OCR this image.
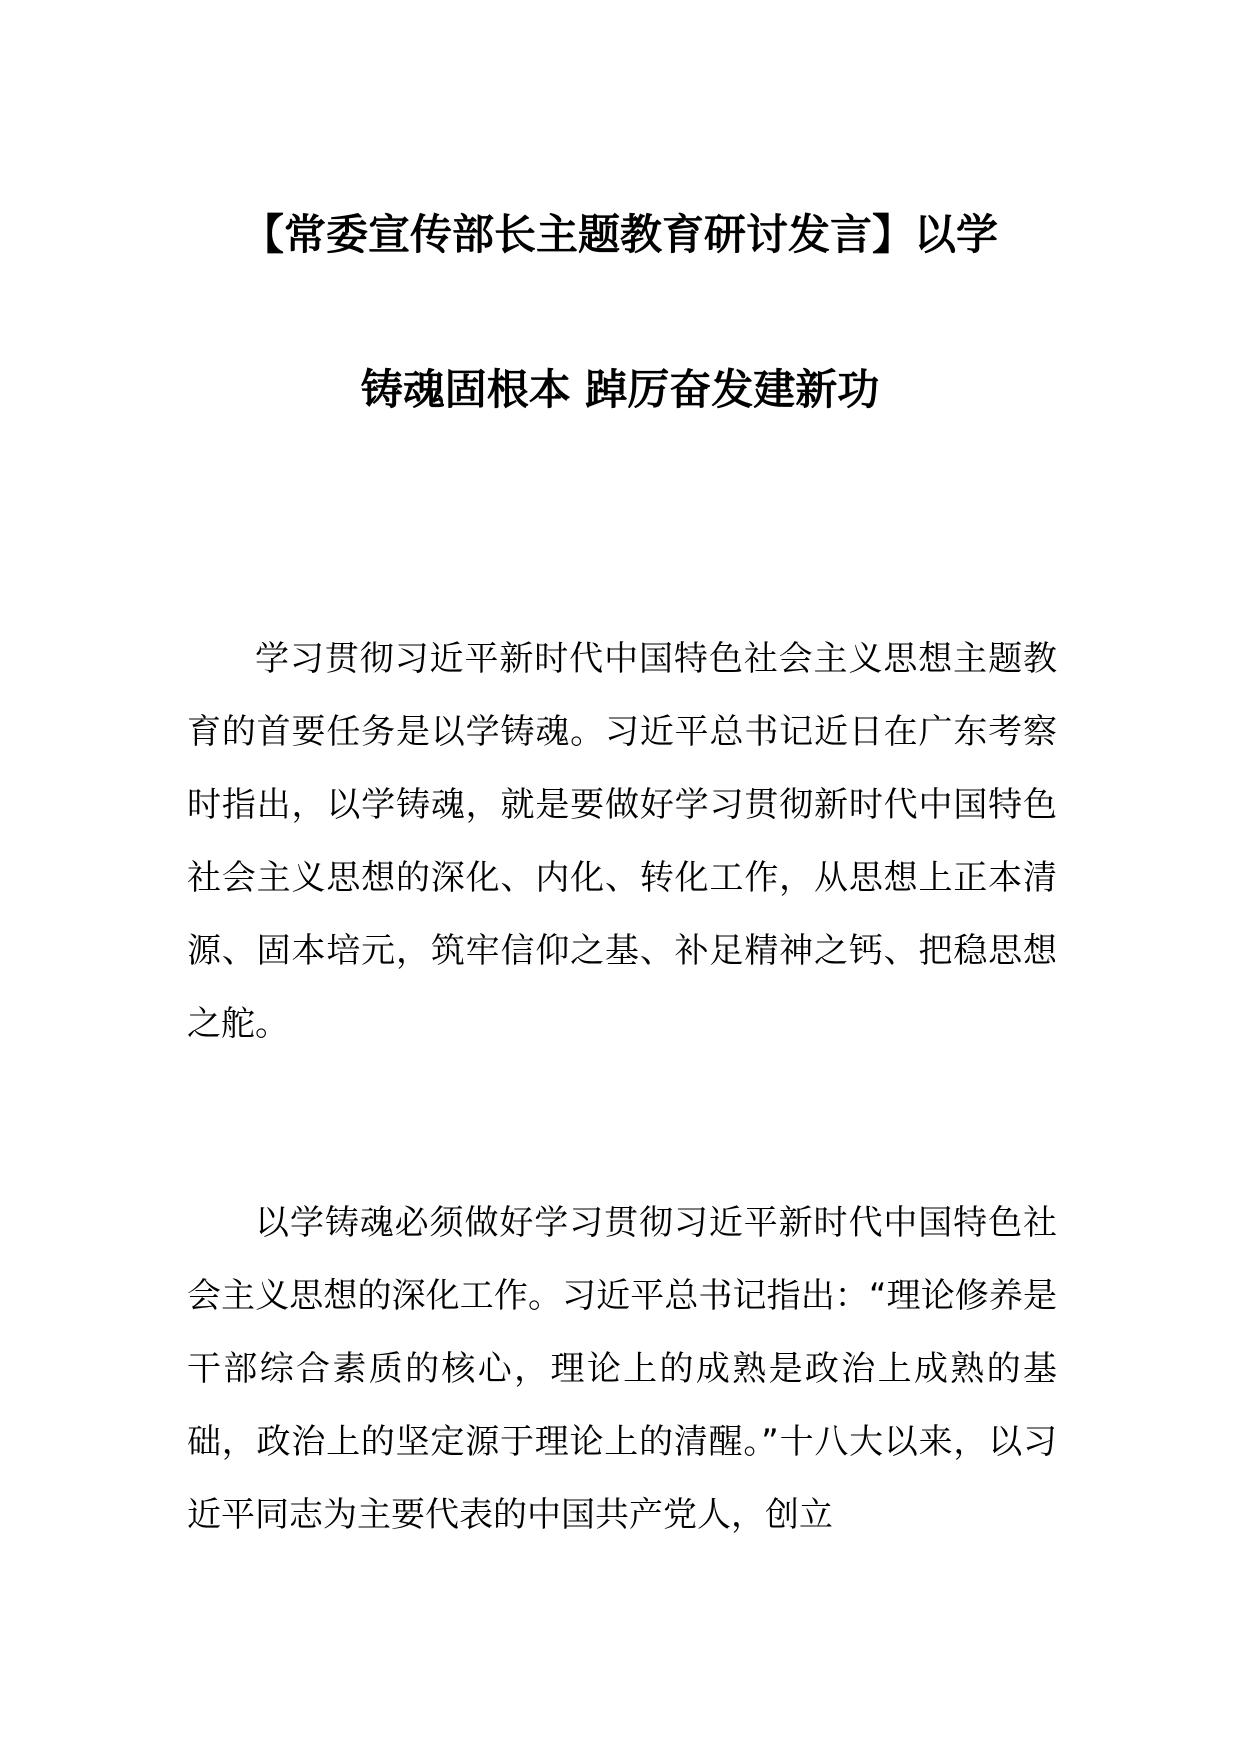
【常委宣传部长主题教育研讨发言】以学
铸魂固根本 踔厉奋发建新功

学习贯彻习近平新时代中国特色社会主义思想主题教育的首要任务是以学铸魂。习近平总书记近日在广东考察时指出，以学铸魂，就是要做好学习贯彻新时代中国特色社会主义思想的深化、内化、转化工作，从思想上正本清源、固本培元，筑牢信仰之基、补足精神之钙、把稳思想之舵。

以学铸魂必须做好学习贯彻习近平新时代中国特色社会主义思想的深化工作。习近平总书记指出：“理论修养是干部综合素质的核心，理论上的成熟是政治上成熟的基础，政治上的坚定源于理论上的清醒。”十八大以来，以习近平同志为主要代表的中国共产党人，创立
